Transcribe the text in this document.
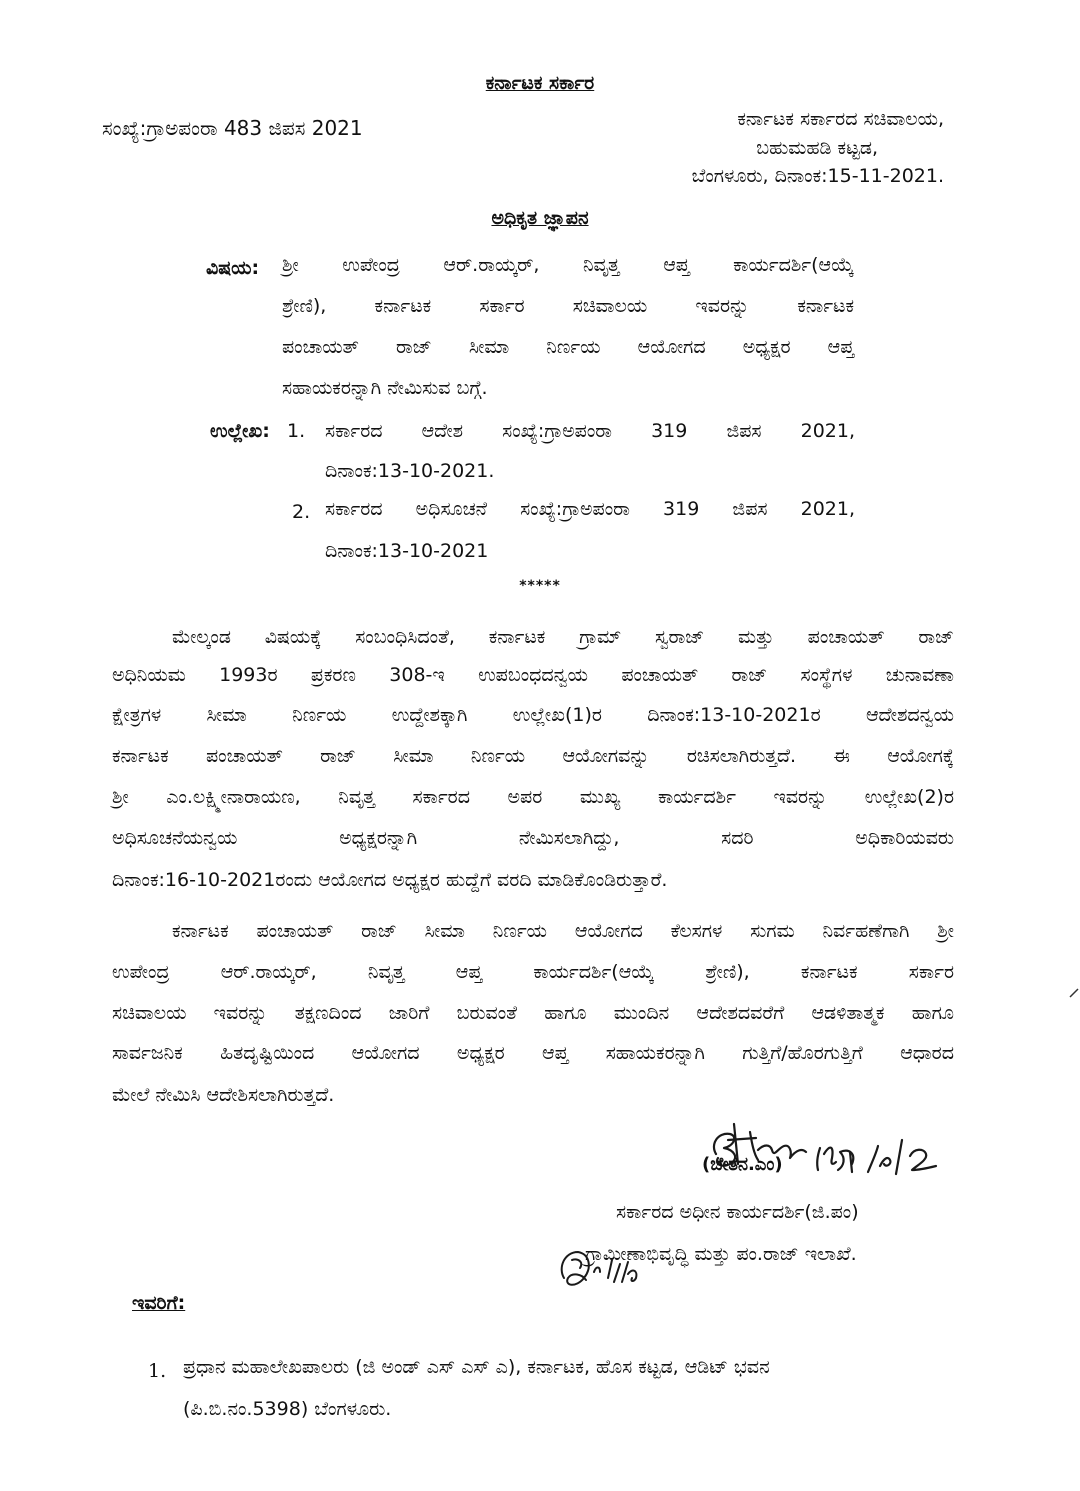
ಕರ್ನಾಟಕ ಸರ್ಕಾರ
ಸಂಖ್ಯೆ:ಗ್ರಾಅಪಂರಾ 483 ಜಿಪಸ 2021	ಕರ್ನಾಟಕ ಸರ್ಕಾರದ ಸಚಿವಾಲಯ,
ಬಹುಮಹಡಿ ಕಟ್ಟಡ,
ಬೆಂಗಳೂರು, ದಿನಾಂಕ:15-11-2021.
ಅಧಿಕೃತ ಜ್ಞಾಪನ
ವಿಷಯ: ಶ್ರೀ ಉಪೇಂದ್ರ ಆರ್.ರಾಯ್ಕರ್, ನಿವೃತ್ತ ಆಪ್ತ ಕಾರ್ಯದರ್ಶಿ(ಆಯ್ಕೆ
ಶ್ರೇಣಿ), ಕರ್ನಾಟಕ ಸರ್ಕಾರ ಸಚಿವಾಲಯ ಇವರನ್ನು ಕರ್ನಾಟಕ
ಪಂಚಾಯತ್ ರಾಜ್ ಸೀಮಾ ನಿರ್ಣಯ ಆಯೋಗದ ಅಧ್ಯಕ್ಷರ ಆಪ್ತ
ಸಹಾಯಕರನ್ನಾಗಿ ನೇಮಿಸುವ ಬಗ್ಗೆ.
ಉಲ್ಲೇಖ: 1. ಸರ್ಕಾರದ ಆದೇಶ ಸಂಖ್ಯೆ:ಗ್ರಾಅಪಂರಾ 319 ಜಿಪಸ 2021,
ದಿನಾಂಕ:13-10-2021.
2. ಸರ್ಕಾರದ ಅಧಿಸೂಚನೆ ಸಂಖ್ಯೆ:ಗ್ರಾಅಪಂರಾ 319 ಜಿಪಸ 2021,
ದಿನಾಂಕ:13-10-2021
*****
ಮೇಲ್ಕಂಡ ವಿಷಯಕ್ಕೆ ಸಂಬಂಧಿಸಿದಂತೆ, ಕರ್ನಾಟಕ ಗ್ರಾಮ್ ಸ್ವರಾಜ್ ಮತ್ತು ಪಂಚಾಯತ್ ರಾಜ್
ಅಧಿನಿಯಮ 1993ರ ಪ್ರಕರಣ 308-ಇ ಉಪಬಂಧದನ್ವಯ ಪಂಚಾಯತ್ ರಾಜ್ ಸಂಸ್ಥೆಗಳ ಚುನಾವಣಾ
ಕ್ಷೇತ್ರಗಳ ಸೀಮಾ ನಿರ್ಣಯ ಉದ್ದೇಶಕ್ಕಾಗಿ ಉಲ್ಲೇಖ(1)ರ ದಿನಾಂಕ:13-10-2021ರ ಆದೇಶದನ್ವಯ
ಕರ್ನಾಟಕ ಪಂಚಾಯತ್ ರಾಜ್ ಸೀಮಾ ನಿರ್ಣಯ ಆಯೋಗವನ್ನು ರಚಿಸಲಾಗಿರುತ್ತದೆ. ಈ ಆಯೋಗಕ್ಕೆ
ಶ್ರೀ ಎಂ.ಲಕ್ಷ್ಮೀನಾರಾಯಣ, ನಿವೃತ್ತ ಸರ್ಕಾರದ ಅಪರ ಮುಖ್ಯ ಕಾರ್ಯದರ್ಶಿ ಇವರನ್ನು ಉಲ್ಲೇಖ(2)ರ
ಅಧಿಸೂಚನೆಯನ್ವಯ ಅಧ್ಯಕ್ಷರನ್ನಾಗಿ ನೇಮಿಸಲಾಗಿದ್ದು, ಸದರಿ ಅಧಿಕಾರಿಯವರು
ದಿನಾಂಕ:16-10-2021ರಂದು ಆಯೋಗದ ಅಧ್ಯಕ್ಷರ ಹುದ್ದೆಗೆ ವರದಿ ಮಾಡಿಕೊಂಡಿರುತ್ತಾರೆ.
ಕರ್ನಾಟಕ ಪಂಚಾಯತ್ ರಾಜ್ ಸೀಮಾ ನಿರ್ಣಯ ಆಯೋಗದ ಕೆಲಸಗಳ ಸುಗಮ ನಿರ್ವಹಣೆಗಾಗಿ ಶ್ರೀ
ಉಪೇಂದ್ರ ಆರ್.ರಾಯ್ಕರ್, ನಿವೃತ್ತ ಆಪ್ತ ಕಾರ್ಯದರ್ಶಿ(ಆಯ್ಕೆ ಶ್ರೇಣಿ), ಕರ್ನಾಟಕ ಸರ್ಕಾರ
ಸಚಿವಾಲಯ ಇವರನ್ನು ತಕ್ಷಣದಿಂದ ಜಾರಿಗೆ ಬರುವಂತೆ ಹಾಗೂ ಮುಂದಿನ ಆದೇಶದವರೆಗೆ ಆಡಳಿತಾತ್ಮಕ ಹಾಗೂ
ಸಾರ್ವಜನಿಕ ಹಿತದೃಷ್ಟಿಯಿಂದ ಆಯೋಗದ ಅಧ್ಯಕ್ಷರ ಆಪ್ತ ಸಹಾಯಕರನ್ನಾಗಿ ಗುತ್ತಿಗೆ/ಹೊರಗುತ್ತಿಗೆ ಆಧಾರದ
ಮೇಲೆ ನೇಮಿಸಿ ಆದೇಶಿಸಲಾಗಿರುತ್ತದೆ.
(ಚೇತನ.ಎಂ)
ಸರ್ಕಾರದ ಅಧೀನ ಕಾರ್ಯದರ್ಶಿ(ಜಿ.ಪಂ)
ಗ್ರಾಮೀಣಾಭಿವೃದ್ಧಿ ಮತ್ತು ಪಂ.ರಾಜ್ ಇಲಾಖೆ.
ಇವರಿಗೆ:
1. ಪ್ರಧಾನ ಮಹಾಲೇಖಪಾಲರು (ಜಿ ಅಂಡ್ ಎಸ್ ಎಸ್ ಎ), ಕರ್ನಾಟಕ, ಹೊಸ ಕಟ್ಟಡ, ಆಡಿಟ್ ಭವನ
(ಪಿ.ಬಿ.ನಂ.5398) ಬೆಂಗಳೂರು.
